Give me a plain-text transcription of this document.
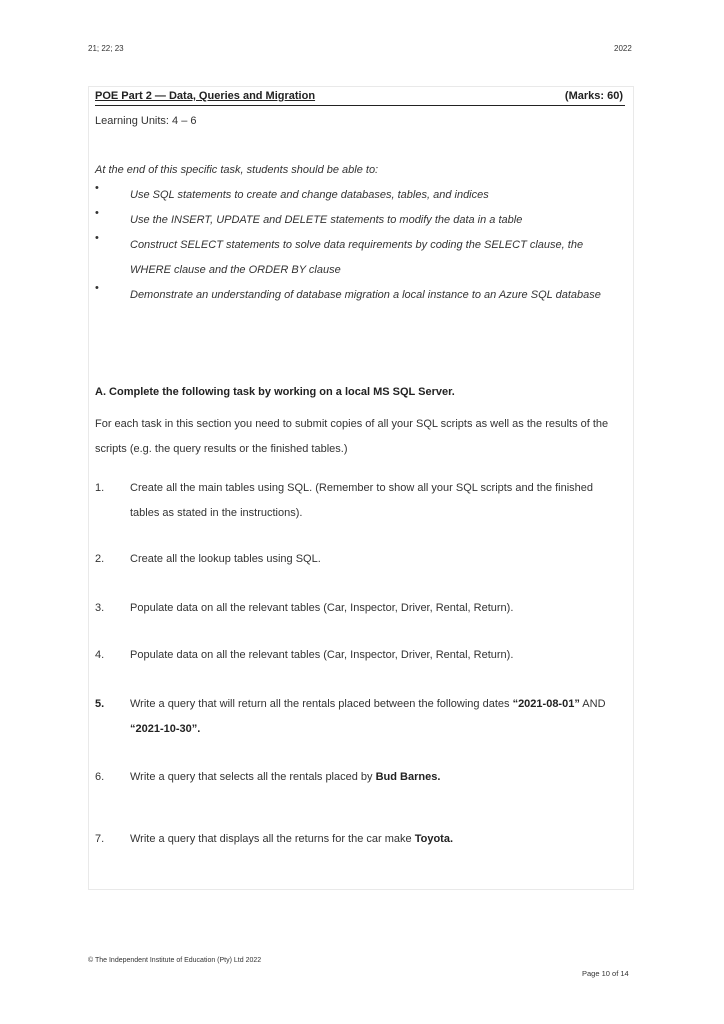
21; 22; 23	2022
POE Part 2 — Data, Queries and Migration	(Marks: 60)
Learning Units: 4 – 6
At the end of this specific task, students should be able to:
•
Use SQL statements to create and change databases, tables, and indices
•
Use the INSERT, UPDATE and DELETE statements to modify the data in a table
•
Construct SELECT statements to solve data requirements by coding the SELECT clause, the WHERE clause and the ORDER BY clause
•
Demonstrate an understanding of database migration a local instance to an Azure SQL database
A. Complete the following task by working on a local MS SQL Server.
For each task in this section you need to submit copies of all your SQL scripts as well as the results of the scripts (e.g. the query results or the finished tables.)
1. Create all the main tables using SQL. (Remember to show all your SQL scripts and the finished tables as stated in the instructions).
2. Create all the lookup tables using SQL.
3. Populate data on all the relevant tables (Car, Inspector, Driver, Rental, Return).
4. Populate data on all the relevant tables (Car, Inspector, Driver, Rental, Return).
5. Write a query that will return all the rentals placed between the following dates “2021-08-01” AND “2021-10-30”.
6. Write a query that selects all the rentals placed by Bud Barnes.
7. Write a query that displays all the returns for the car make Toyota.
© The Independent Institute of Education (Pty) Ltd 2022
Page 10 of 14
